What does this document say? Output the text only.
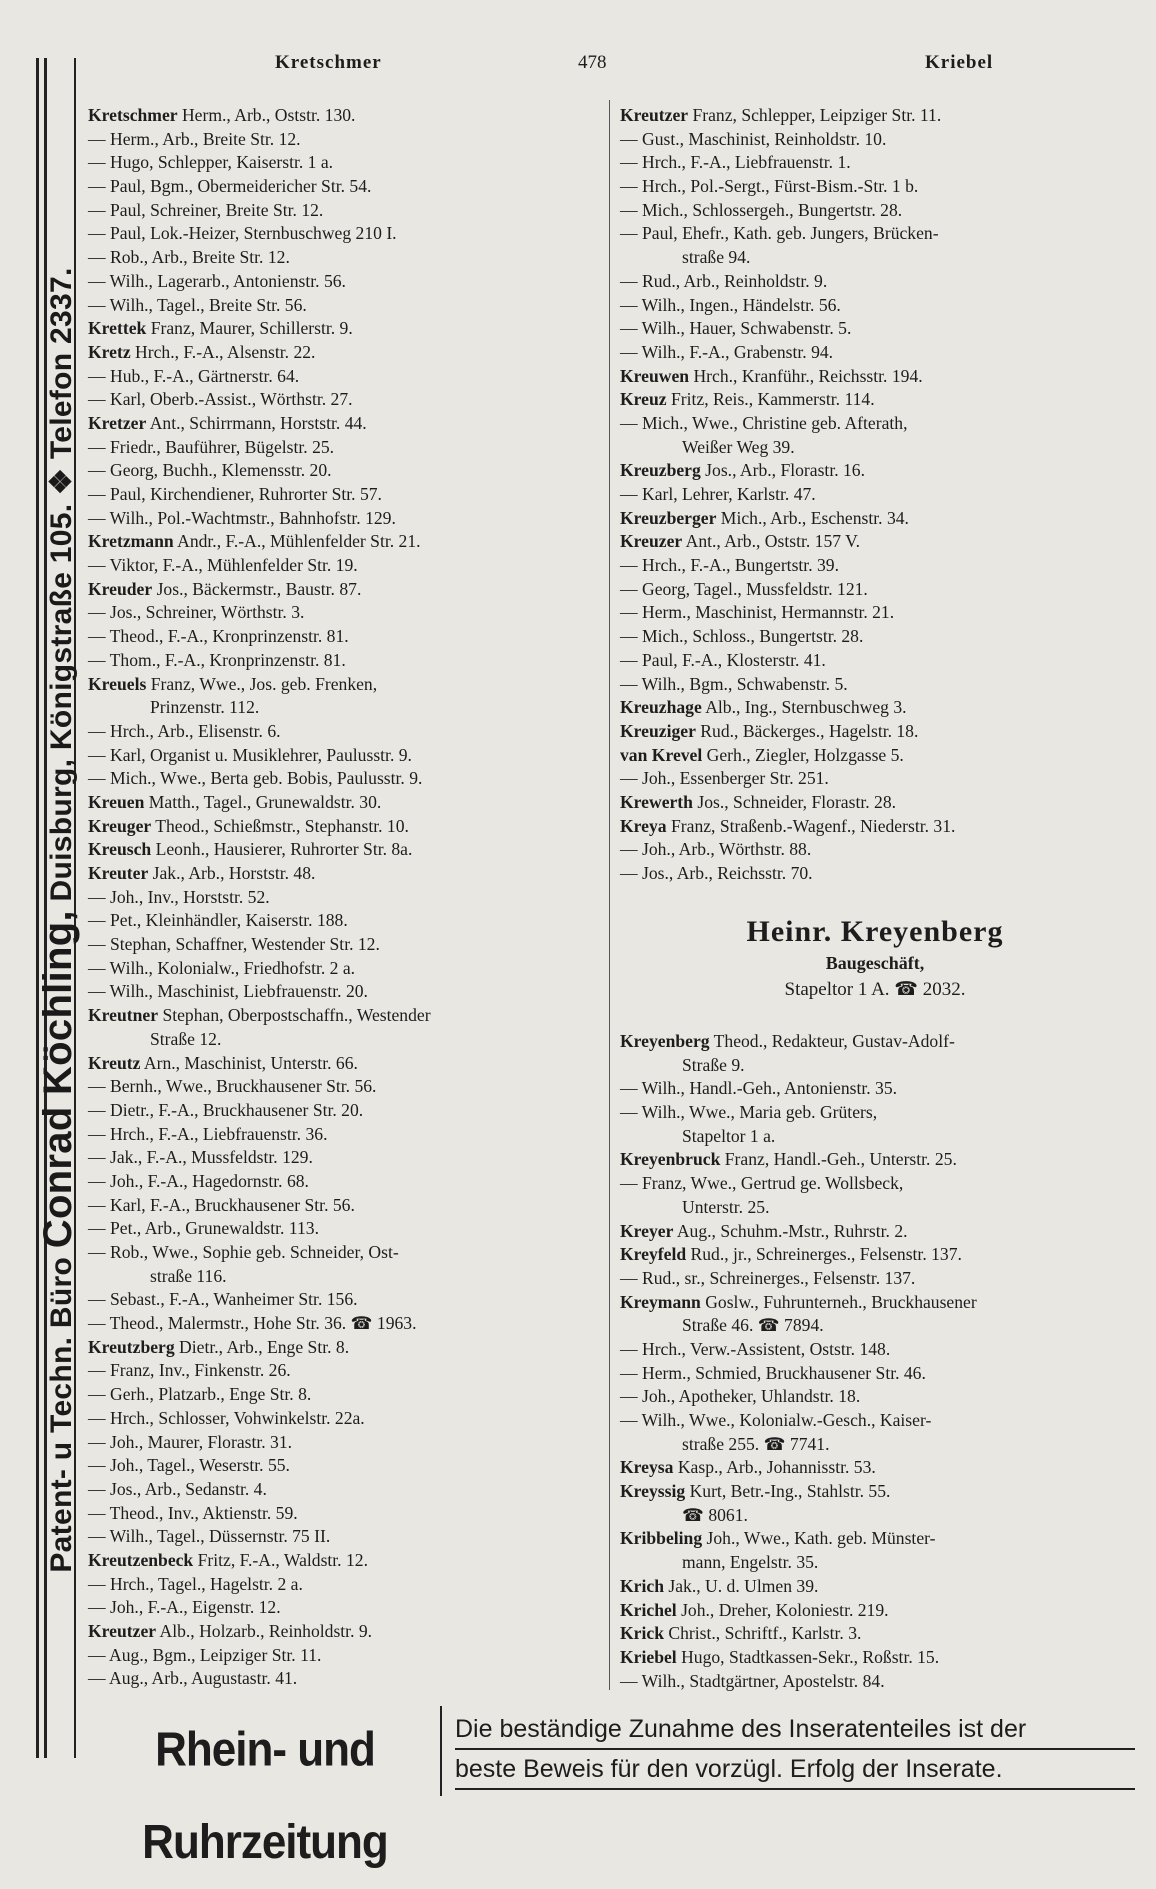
Patent- u Techn. Büro Conrad Köchling, Duisburg, Königstraße 105. ❖ Telefon 2337.
Kretschmer	478	Kriebel
Kretschmer Herm., Arb., Oststr. 130.
— Herm., Arb., Breite Str. 12.
— Hugo, Schlepper, Kaiserstr. 1 a.
— Paul, Bgm., Obermeidericher Str. 54.
— Paul, Schreiner, Breite Str. 12.
— Paul, Lok.-Heizer, Sternbuschweg 210 I.
— Rob., Arb., Breite Str. 12.
— Wilh., Lagerarb., Antonienstr. 56.
— Wilh., Tagel., Breite Str. 56.
Krettek Franz, Maurer, Schillerstr. 9.
Kretz Hrch., F.-A., Alsenstr. 22.
— Hub., F.-A., Gärtnerstr. 64.
— Karl, Oberb.-Assist., Wörthstr. 27.
Kretzer Ant., Schirrmann, Horststr. 44.
— Friedr., Bauführer, Bügelstr. 25.
— Georg, Buchh., Klemensstr. 20.
— Paul, Kirchendiener, Ruhrorter Str. 57.
— Wilh., Pol.-Wachtmstr., Bahnhofstr. 129.
Kretzmann Andr., F.-A., Mühlenfelder Str. 21.
— Viktor, F.-A., Mühlenfelder Str. 19.
Kreuder Jos., Bäckermstr., Baustr. 87.
— Jos., Schreiner, Wörthstr. 3.
— Theod., F.-A., Kronprinzenstr. 81.
— Thom., F.-A., Kronprinzenstr. 81.
Kreuels Franz, Wwe., Jos. geb. Frenken,
Prinzenstr. 112.
— Hrch., Arb., Elisenstr. 6.
— Karl, Organist u. Musiklehrer, Paulusstr. 9.
— Mich., Wwe., Berta geb. Bobis, Paulusstr. 9.
Kreuen Matth., Tagel., Grunewaldstr. 30.
Kreuger Theod., Schießmstr., Stephanstr. 10.
Kreusch Leonh., Hausierer, Ruhrorter Str. 8a.
Kreuter Jak., Arb., Horststr. 48.
— Joh., Inv., Horststr. 52.
— Pet., Kleinhändler, Kaiserstr. 188.
— Stephan, Schaffner, Westender Str. 12.
— Wilh., Kolonialw., Friedhofstr. 2 a.
— Wilh., Maschinist, Liebfrauenstr. 20.
Kreutner Stephan, Oberpostschaffn., Westender
Straße 12.
Kreutz Arn., Maschinist, Unterstr. 66.
— Bernh., Wwe., Bruckhausener Str. 56.
— Dietr., F.-A., Bruckhausener Str. 20.
— Hrch., F.-A., Liebfrauenstr. 36.
— Jak., F.-A., Mussfeldstr. 129.
— Joh., F.-A., Hagedornstr. 68.
— Karl, F.-A., Bruckhausener Str. 56.
— Pet., Arb., Grunewaldstr. 113.
— Rob., Wwe., Sophie geb. Schneider, Ost-
straße 116.
— Sebast., F.-A., Wanheimer Str. 156.
— Theod., Malermstr., Hohe Str. 36. ☎ 1963.
Kreutzberg Dietr., Arb., Enge Str. 8.
— Franz, Inv., Finkenstr. 26.
— Gerh., Platzarb., Enge Str. 8.
— Hrch., Schlosser, Vohwinkelstr. 22a.
— Joh., Maurer, Florastr. 31.
— Joh., Tagel., Weserstr. 55.
— Jos., Arb., Sedanstr. 4.
— Theod., Inv., Aktienstr. 59.
— Wilh., Tagel., Düssernstr. 75 II.
Kreutzenbeck Fritz, F.-A., Waldstr. 12.
— Hrch., Tagel., Hagelstr. 2 a.
— Joh., F.-A., Eigenstr. 12.
Kreutzer Alb., Holzarb., Reinholdstr. 9.
— Aug., Bgm., Leipziger Str. 11.
— Aug., Arb., Augustastr. 41.
Kreutzer Franz, Schlepper, Leipziger Str. 11.
— Gust., Maschinist, Reinholdstr. 10.
— Hrch., F.-A., Liebfrauenstr. 1.
— Hrch., Pol.-Sergt., Fürst-Bism.-Str. 1 b.
— Mich., Schlossergeh., Bungertstr. 28.
— Paul, Ehefr., Kath. geb. Jungers, Brücken-
straße 94.
— Rud., Arb., Reinholdstr. 9.
— Wilh., Ingen., Händelstr. 56.
— Wilh., Hauer, Schwabenstr. 5.
— Wilh., F.-A., Grabenstr. 94.
Kreuwen Hrch., Kranführ., Reichsstr. 194.
Kreuz Fritz, Reis., Kammerstr. 114.
— Mich., Wwe., Christine geb. Afterath,
Weißer Weg 39.
Kreuzberg Jos., Arb., Florastr. 16.
— Karl, Lehrer, Karlstr. 47.
Kreuzberger Mich., Arb., Eschenstr. 34.
Kreuzer Ant., Arb., Oststr. 157 V.
— Hrch., F.-A., Bungertstr. 39.
— Georg, Tagel., Mussfeldstr. 121.
— Herm., Maschinist, Hermannstr. 21.
— Mich., Schloss., Bungertstr. 28.
— Paul, F.-A., Klosterstr. 41.
— Wilh., Bgm., Schwabenstr. 5.
Kreuzhage Alb., Ing., Sternbuschweg 3.
Kreuziger Rud., Bäckerges., Hagelstr. 18.
van Krevel Gerh., Ziegler, Holzgasse 5.
— Joh., Essenberger Str. 251.
Krewerth Jos., Schneider, Florastr. 28.
Kreya Franz, Straßenb.-Wagenf., Niederstr. 31.
— Joh., Arb., Wörthstr. 88.
— Jos., Arb., Reichsstr. 70.
Heinr. Kreyenberg
Baugeschäft,
Stapeltor 1 A. ☎ 2032.
Kreyenberg Theod., Redakteur, Gustav-Adolf-
Straße 9.
— Wilh., Handl.-Geh., Antonienstr. 35.
— Wilh., Wwe., Maria geb. Grüters,
Stapeltor 1 a.
Kreyenbruck Franz, Handl.-Geh., Unterstr. 25.
— Franz, Wwe., Gertrud ge. Wollsbeck,
Unterstr. 25.
Kreyer Aug., Schuhm.-Mstr., Ruhrstr. 2.
Kreyfeld Rud., jr., Schreinerges., Felsenstr. 137.
— Rud., sr., Schreinerges., Felsenstr. 137.
Kreymann Goslw., Fuhrunterneh., Bruckhausener
Straße 46. ☎ 7894.
— Hrch., Verw.-Assistent, Oststr. 148.
— Herm., Schmied, Bruckhausener Str. 46.
— Joh., Apotheker, Uhlandstr. 18.
— Wilh., Wwe., Kolonialw.-Gesch., Kaiser-
straße 255. ☎ 7741.
Kreysa Kasp., Arb., Johannisstr. 53.
Kreyssig Kurt, Betr.-Ing., Stahlstr. 55.
☎ 8061.
Kribbeling Joh., Wwe., Kath. geb. Münster-
mann, Engelstr. 35.
Krich Jak., U. d. Ulmen 39.
Krichel Joh., Dreher, Koloniestr. 219.
Krick Christ., Schriftf., Karlstr. 3.
Kriebel Hugo, Stadtkassen-Sekr., Roßstr. 15.
— Wilh., Stadtgärtner, Apostelstr. 84.
Rhein- und Ruhrzeitung
Die beständige Zunahme des Inseratenteiles ist der
beste Beweis für den vorzügl. Erfolg der Inserate.
